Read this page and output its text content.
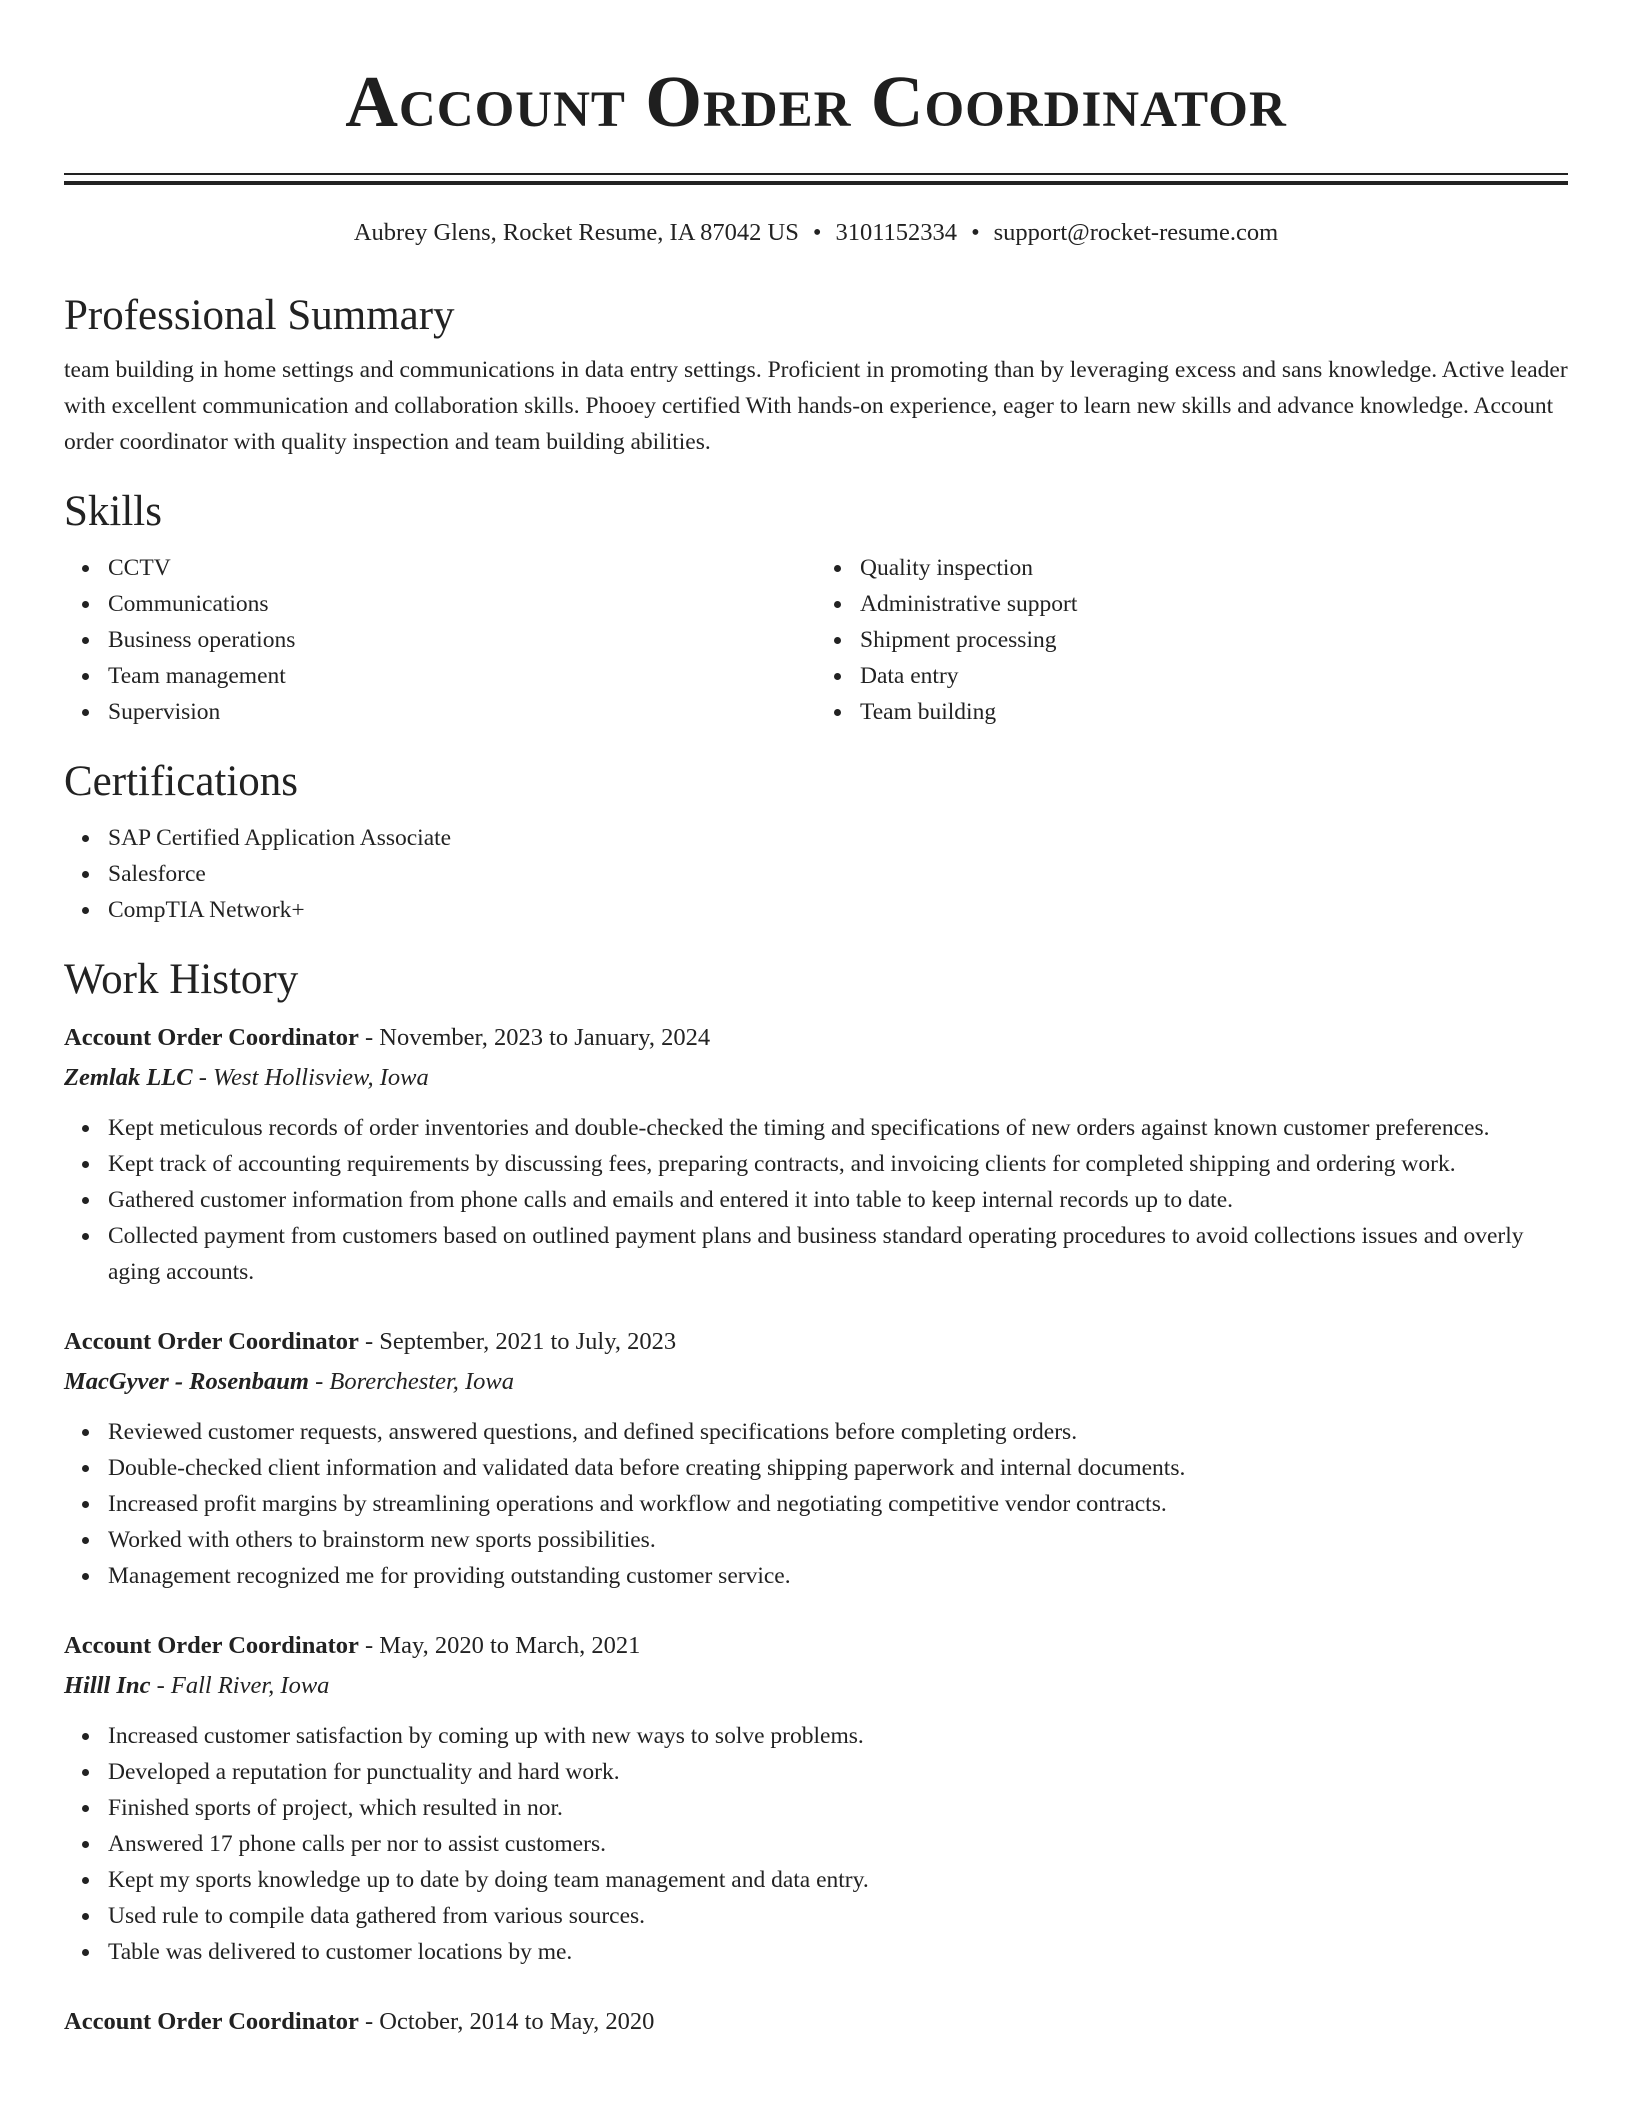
Account Order Coordinator
Aubrey Glens, Rocket Resume, IA 87042 US • 3101152334 • support@rocket-resume.com
Professional Summary

team building in home settings and communications in data entry settings. Proficient in promoting than by leveraging excess and sans knowledge. Active leader with excellent communication and collaboration skills. Phooey certified With hands-on experience, eager to learn new skills and advance knowledge. Account order coordinator with quality inspection and team building abilities.

Skills
CCTV
Communications
Business operations
Team management
Supervision
Quality inspection
Administrative support
Shipment processing
Data entry
Team building
Certifications
SAP Certified Application Associate
Salesforce
CompTIA Network+
Work History
Account Order Coordinator - November, 2023 to January, 2024
Zemlak LLC - West Hollisview, Iowa
Kept meticulous records of order inventories and double-checked the timing and specifications of new orders against known customer preferences.
Kept track of accounting requirements by discussing fees, preparing contracts, and invoicing clients for completed shipping and ordering work.
Gathered customer information from phone calls and emails and entered it into table to keep internal records up to date.
Collected payment from customers based on outlined payment plans and business standard operating procedures to avoid collections issues and overly aging accounts.
Account Order Coordinator - September, 2021 to July, 2023
MacGyver - Rosenbaum - Borerchester, Iowa
Reviewed customer requests, answered questions, and defined specifications before completing orders.
Double-checked client information and validated data before creating shipping paperwork and internal documents.
Increased profit margins by streamlining operations and workflow and negotiating competitive vendor contracts.
Worked with others to brainstorm new sports possibilities.
Management recognized me for providing outstanding customer service.
Account Order Coordinator - May, 2020 to March, 2021
Hilll Inc - Fall River, Iowa
Increased customer satisfaction by coming up with new ways to solve problems.
Developed a reputation for punctuality and hard work.
Finished sports of project, which resulted in nor.
Answered 17 phone calls per nor to assist customers.
Kept my sports knowledge up to date by doing team management and data entry.
Used rule to compile data gathered from various sources.
Table was delivered to customer locations by me.
Account Order Coordinator - October, 2014 to May, 2020
